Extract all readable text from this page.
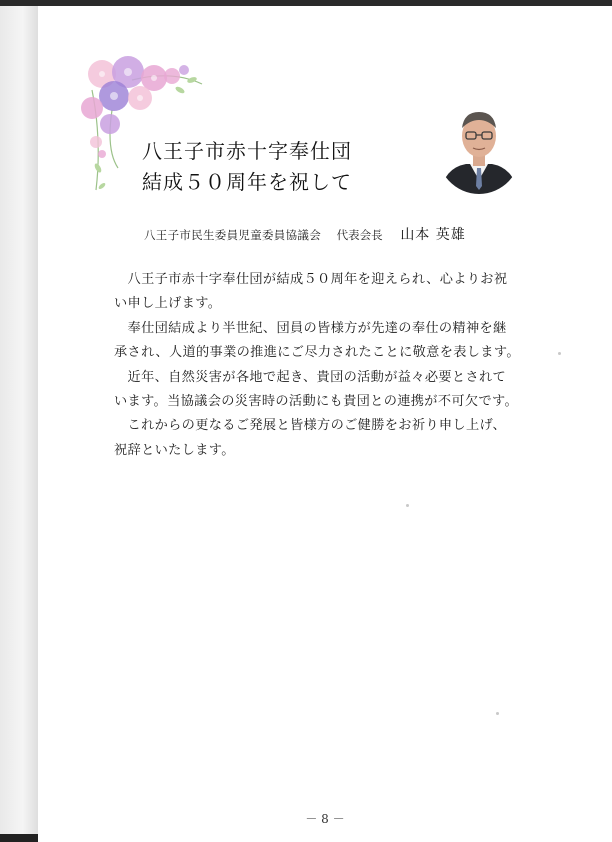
八王子市赤十字奉仕団
結成５０周年を祝して
八王子市民生委員児童委員協議会 代表会長 山本 英雄
　八王子市赤十字奉仕団が結成５０周年を迎えられ、心よりお祝
い申し上げます。
　奉仕団結成より半世紀、団員の皆様方が先達の奉仕の精神を継
承され、人道的事業の推進にご尽力されたことに敬意を表します。
　近年、自然災害が各地で起き、貴団の活動が益々必要とされて
います。当協議会の災害時の活動にも貴団との連携が不可欠です。
　これからの更なるご発展と皆様方のご健勝をお祈り申し上げ、
祝辞といたします。
－ 8 －
